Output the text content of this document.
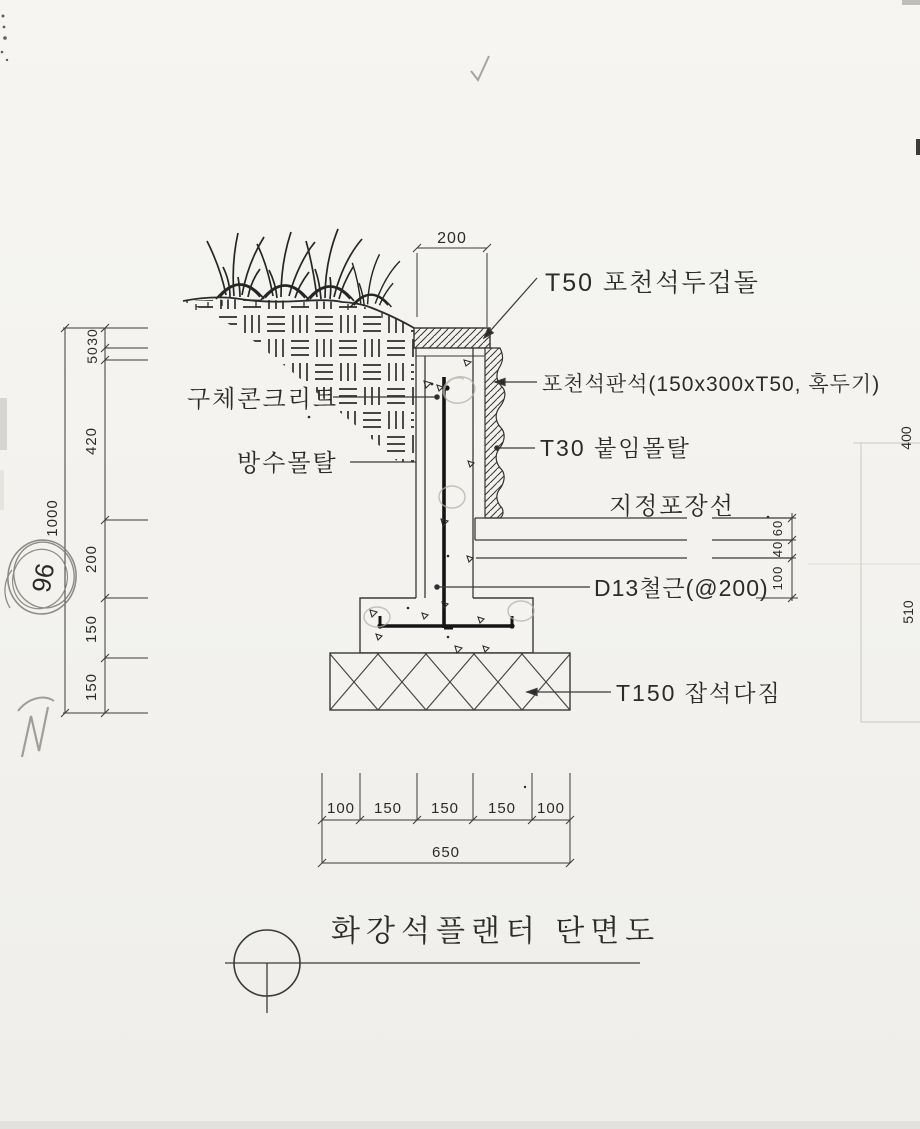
400
510
200
30
50
420
200
150
150
1000	60
40
100
100 150 150 150 100
650
T50 포천석두겁돌
포천석판석(150x300xT50, 혹두기)
구체콘크리트
방수몰탈
T30 붙임몰탈
지정포장선
D13철근(@200)
T150 잡석다짐
화강석플랜터 단면도
96
